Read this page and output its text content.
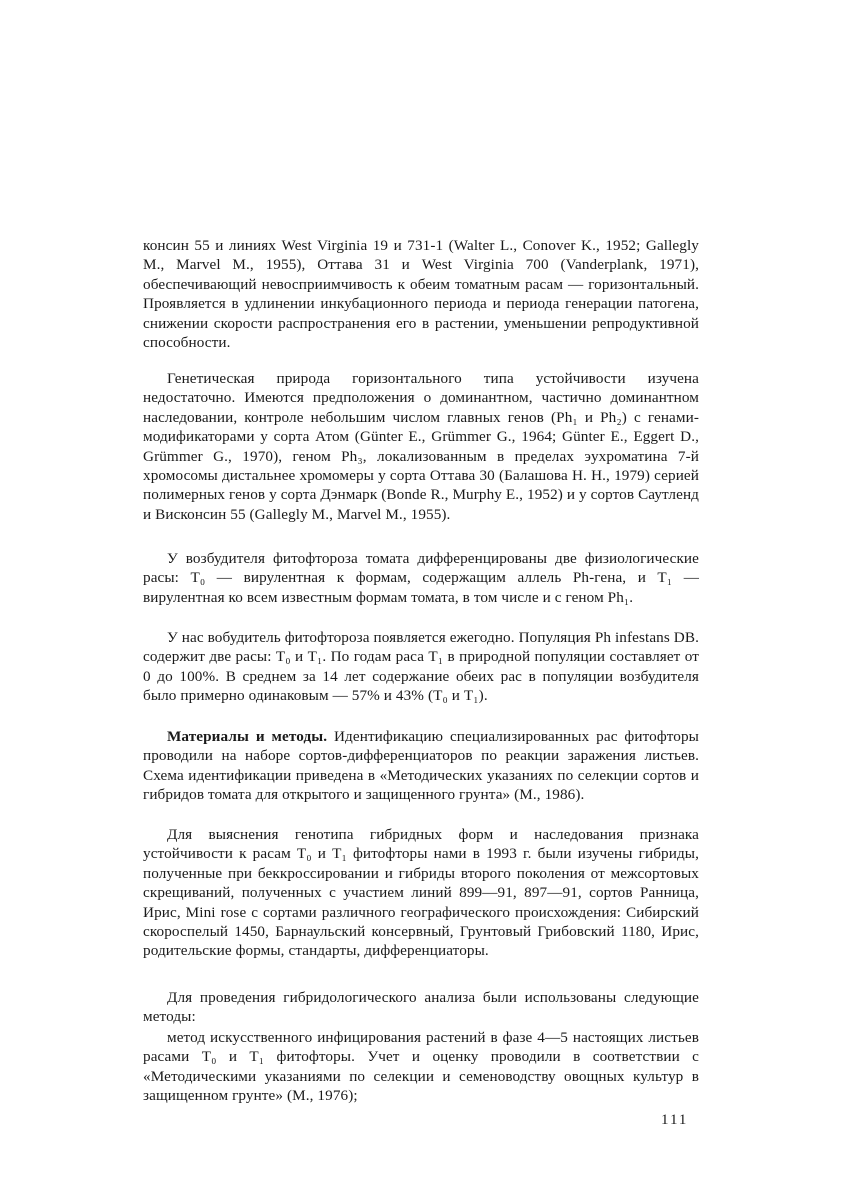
консин 55 и линиях West Virginia 19 и 731-1 (Walter L., Conover K., 1952; Gallegly M., Marvel M., 1955), Оттава 31 и West Virginia 700 (Vanderplank, 1971), обеспечивающий невосприимчивость к обеим томатным расам — горизонтальный. Проявляется в удлинении инкубационного периода и периода генерации патогена, снижении скорости распространения его в растении, уменьшении репродуктивной способности.

Генетическая природа горизонтального типа устойчивости изучена недостаточно. Имеются предположения о доминантном, частично доминантном наследовании, контроле небольшим числом главных генов (Ph₁ и Ph₂) с генами-модификаторами у сорта Атом (Günter E., Grümmer G., 1964; Günter E., Eggert D., Grümmer G., 1970), геном Ph₃, локализованным в пределах эухроматина 7-й хромосомы дистальнее хромомеры у сорта Оттава 30 (Балашова Н. Н., 1979) серией полимерных генов у сорта Дэнмарк (Bonde R., Murphy E., 1952) и у сортов Саутленд и Висконсин 55 (Gallegly M., Marvel M., 1955).

У возбудителя фитофтороза томата дифференцированы две физиологические расы: T₀ — вирулентная к формам, содержащим аллель Ph-гена, и T₁ — вирулентная ко всем известным формам томата, в том числе и с геном Ph₁.

У нас вобудитель фитофтороза появляется ежегодно. Популяция Ph infestans DB. содержит две расы: T₀ и T₁. По годам раса T₁ в природной популяции составляет от 0 до 100%. В среднем за 14 лет содержание обеих рас в популяции возбудителя было примерно одинаковым — 57% и 43% (T₀ и T₁).

Материалы и методы. Идентификацию специализированных рас фитофторы проводили на наборе сортов-дифференциаторов по реакции заражения листьев. Схема идентификации приведена в «Методических указаниях по селекции сортов и гибридов томата для открытого и защищенного грунта» (М., 1986).

Для выяснения генотипа гибридных форм и наследования признака устойчивости к расам T₀ и T₁ фитофторы нами в 1993 г. были изучены гибриды, полученные при беккроссировании и гибриды второго поколения от межсортовых скрещиваний, полученных с участием линий 899—91, 897—91, сортов Ранница, Ирис, Mini rose с сортами различного географического происхождения: Сибирский скороспелый 1450, Барнаульский консервный, Грунтовый Грибовский 1180, Ирис, родительские формы, стандарты, дифференциаторы.

Для проведения гибридологического анализа были использованы следующие методы:

метод искусственного инфицирования растений в фазе 4—5 настоящих листьев расами T₀ и T₁ фитофторы. Учет и оценку проводили в соответствии с «Методическими указаниями по селекции и семеноводству овощных культур в защищенном грунте» (М., 1976);

111
